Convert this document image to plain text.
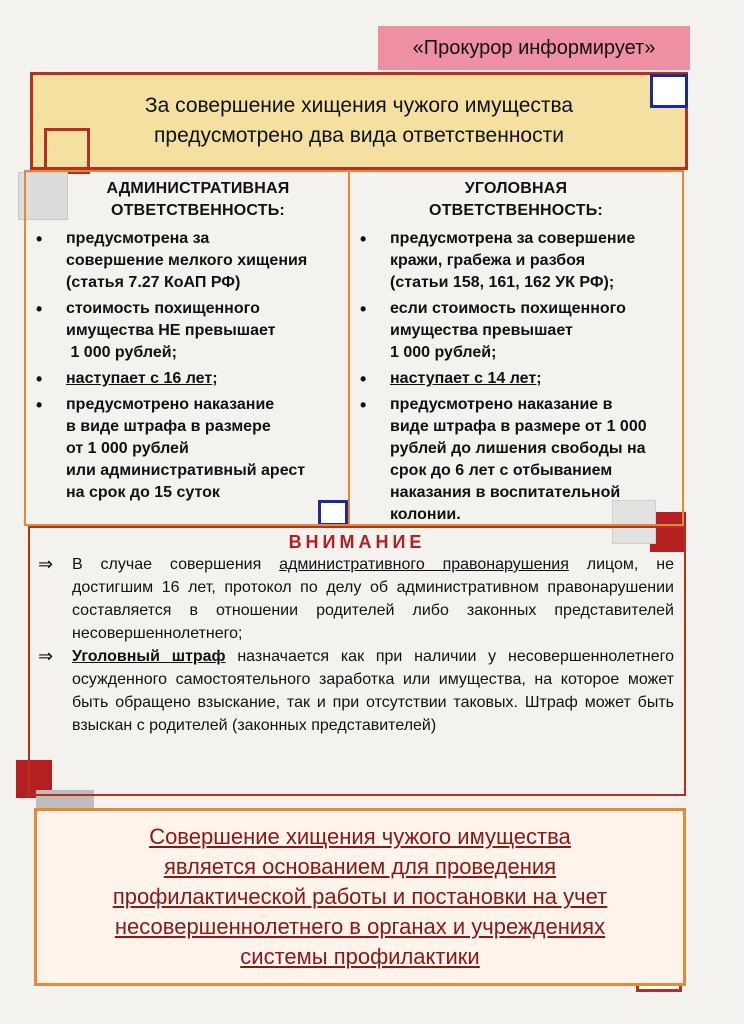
«Прокурор информирует»
За совершение хищения чужого имущества
предусмотрено два вида ответственности
АДМИНИСТРАТИВНАЯ
ОТВЕТСТВЕННОСТЬ:
• предусмотрена за
совершение мелкого хищения
(статья 7.27 КоАП РФ)
• стоимость похищенного
имущества НЕ превышает
1 000 рублей;
• наступает с 16 лет;
• предусмотрено наказание
в виде штрафа в размере
от 1 000 рублей
или административный арест
на срок до 15 суток
УГОЛОВНАЯ
ОТВЕТСТВЕННОСТЬ:
• предусмотрена за совершение
кражи, грабежа и разбоя
(статьи 158, 161, 162 УК РФ);
• если стоимость похищенного
имущества превышает
1 000 рублей;
• наступает с 14 лет;
• предусмотрено наказание в
виде штрафа в размере от 1 000
рублей до лишения свободы на
срок до 6 лет с отбыванием
наказания в воспитательной
колонии.
ВНИМАНИЕ
⇒ В случае совершения административного правонарушения лицом, не достигшим 16 лет, протокол по делу об административном правонарушении составляется в отношении родителей либо законных представителей несовершеннолетнего;
⇒ Уголовный штраф назначается как при наличии у несовершеннолетнего осужденного самостоятельного заработка или имущества, на которое может быть обращено взыскание, так и при отсутствии таковых. Штраф может быть взыскан с родителей (законных представителей)
Совершение хищения чужого имущества
является основанием для проведения
профилактической работы и постановки на учет
несовершеннолетнего в органах и учреждениях
системы профилактики
